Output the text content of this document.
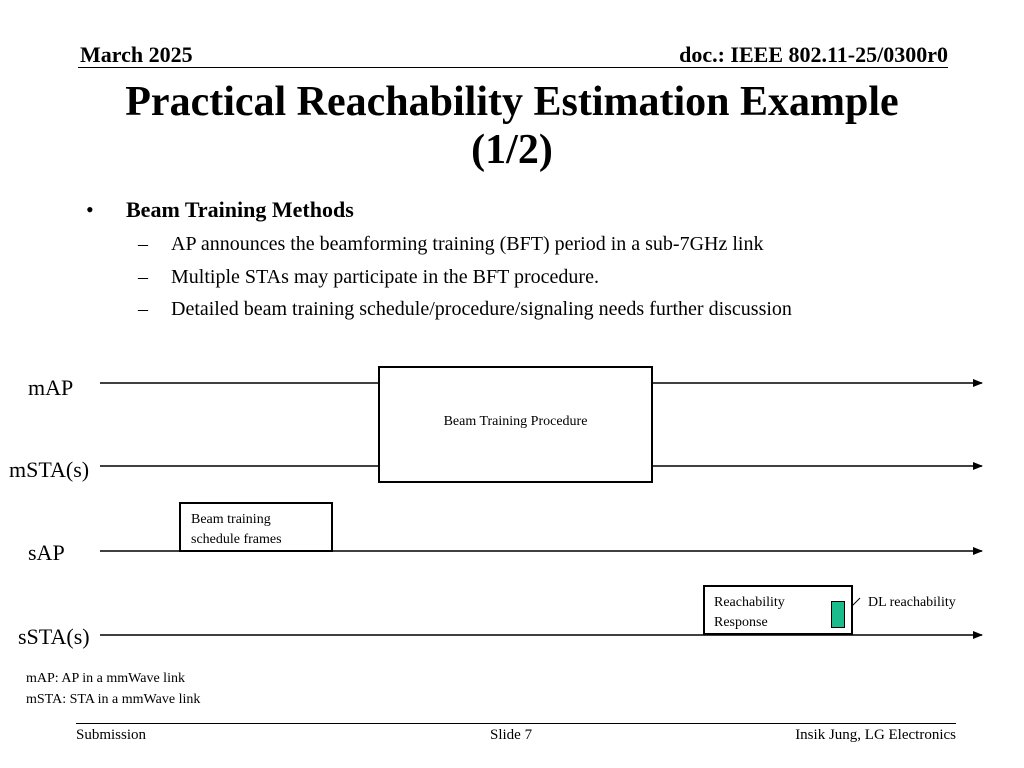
March 2025	doc.: IEEE 802.11-25/0300r0
Practical Reachability Estimation Example
(1/2)
• Beam Training Methods
– AP announces the beamforming training (BFT) period in a sub-7GHz link
– Multiple STAs may participate in the BFT procedure.
– Detailed beam training schedule/procedure/signaling needs further discussion
mAP
mSTA(s)
sAP
sSTA(s)
Beam Training Procedure
Beam training
schedule frames
Reachability
Response
DL reachability
mAP: AP in a mmWave link
mSTA: STA in a mmWave link
Submission	Slide 7	Insik Jung, LG Electronics
